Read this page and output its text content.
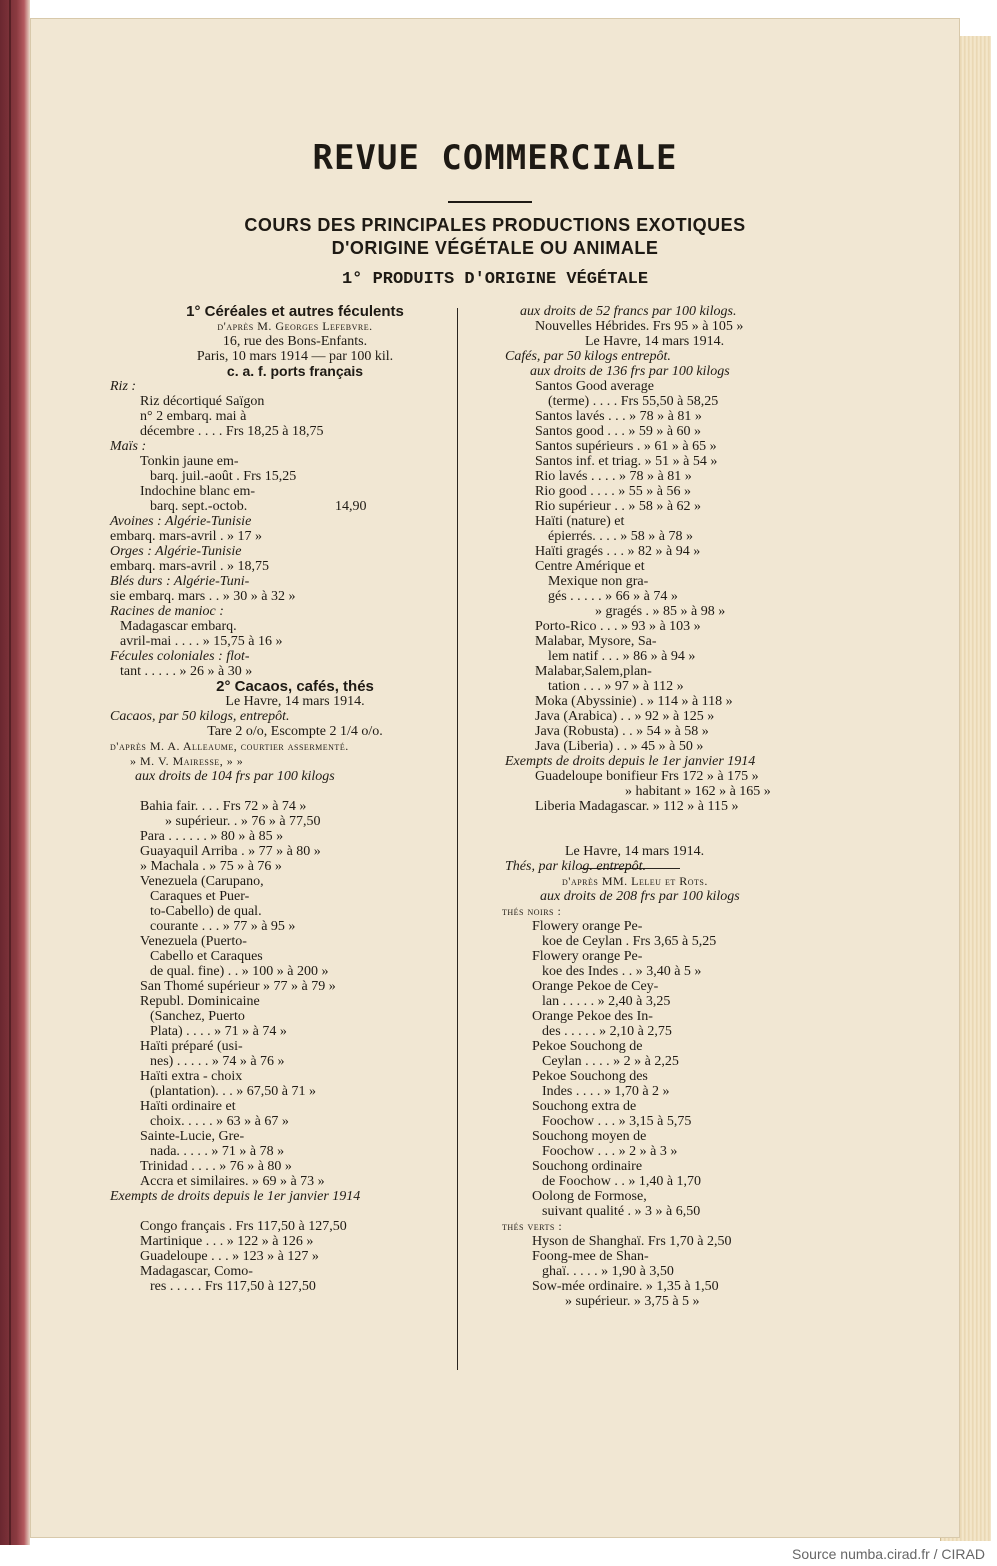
REVUE COMMERCIALE
COURS DES PRINCIPALES PRODUCTIONS EXOTIQUES
D'ORIGINE VÉGÉTALE OU ANIMALE
1° PRODUITS D'ORIGINE VÉGÉTALE
1° Céréales et autres féculents
d'après M. Georges Lefebvre.
16, rue des Bons-Enfants.
Paris, 10 mars 1914 — par 100 kil.
c. a. f. ports français
Riz :
Riz décortiqué Saïgon
n° 2 embarq. mai à
décembre . . . . Frs 18,25 à 18,75
Maïs :
Tonkin jaune em-
barq. juil.-août . Frs 15,25
Indochine blanc em-
barq. sept.-octob.	14,90
Avoines : Algérie-Tunisie
embarq. mars-avril . » 17 »
Orges : Algérie-Tunisie
embarq. mars-avril . » 18,75
Blés durs : Algérie-Tuni-
sie embarq. mars . . » 30 » à 32 »
Racines de manioc :
Madagascar embarq.
avril-mai . . . . » 15,75 à 16 »
Fécules coloniales : flot-
tant . . . . . » 26 » à 30 »
2° Cacaos, cafés, thés
Le Havre, 14 mars 1914.
Cacaos, par 50 kilogs, entrepôt.
Tare 2 o/o, Escompte 2 1/4 o/o.
d'après M. A. Alleaume, courtier assermenté.
» M. V. Mairesse, » »
aux droits de 104 frs par 100 kilogs
Bahia fair. . . . Frs 72 » à 74 »
» supérieur. . » 76 » à 77,50
Para . . . . . . » 80 » à 85 »
Guayaquil Arriba . » 77 » à 80 »
» Machala . » 75 » à 76 »
Venezuela (Carupano,
Caraques et Puer-
to-Cabello) de qual.
courante . . . » 77 » à 95 »
Venezuela (Puerto-
Cabello et Caraques
de qual. fine) . . » 100 » à 200 »
San Thomé supérieur » 77 » à 79 »
Republ. Dominicaine
(Sanchez, Puerto
Plata) . . . . » 71 » à 74 »
Haïti préparé (usi-
nes) . . . . . » 74 » à 76 »
Haïti extra - choix
(plantation). . . » 67,50 à 71 »
Haïti ordinaire et
choix. . . . . » 63 » à 67 »
Sainte-Lucie, Gre-
nada. . . . . » 71 » à 78 »
Trinidad . . . . » 76 » à 80 »
Accra et similaires. » 69 » à 73 »
Exempts de droits depuis le 1er janvier 1914
Congo français . Frs 117,50 à 127,50
Martinique . . . » 122 » à 126 »
Guadeloupe . . . » 123 » à 127 »
Madagascar, Como-
res . . . . . Frs 117,50 à 127,50
aux droits de 52 francs par 100 kilogs.
Nouvelles Hébrides. Frs 95 » à 105 »
Le Havre, 14 mars 1914.
Cafés, par 50 kilogs entrepôt.
aux droits de 136 frs par 100 kilogs
Santos Good average
(terme) . . . . Frs 55,50 à 58,25
Santos lavés . . . » 78 » à 81 »
Santos good . . . » 59 » à 60 »
Santos supérieurs . » 61 » à 65 »
Santos inf. et triag. » 51 » à 54 »
Rio lavés . . . . » 78 » à 81 »
Rio good . . . . » 55 » à 56 »
Rio supérieur . . » 58 » à 62 »
Haïti (nature) et
épierrés. . . . » 58 » à 78 »
Haïti gragés . . . » 82 » à 94 »
Centre Amérique et
Mexique non gra-
gés . . . . . » 66 » à 74 »
» gragés . » 85 » à 98 »
Porto-Rico . . . » 93 » à 103 »
Malabar, Mysore, Sa-
lem natif . . . » 86 » à 94 »
Malabar,Salem,plan-
tation . . . » 97 » à 112 »
Moka (Abyssinie) . » 114 » à 118 »
Java (Arabica) . . » 92 » à 125 »
Java (Robusta) . . » 54 » à 58 »
Java (Liberia) . . » 45 » à 50 »
Exempts de droits depuis le 1er janvier 1914
Guadeloupe bonifieur Frs 172 » à 175 »
» habitant » 162 » à 165 »
Liberia Madagascar. » 112 » à 115 »
Le Havre, 14 mars 1914.
Thés, par kilog. entrepôt.
d'après MM. Leleu et Rots.
aux droits de 208 frs par 100 kilogs
thés noirs :
Flowery orange Pe-
koe de Ceylan . Frs 3,65 à 5,25
Flowery orange Pe-
koe des Indes . . » 3,40 à 5 »
Orange Pekoe de Cey-
lan . . . . . » 2,40 à 3,25
Orange Pekoe des In-
des . . . . . » 2,10 à 2,75
Pekoe Souchong de
Ceylan . . . . » 2 » à 2,25
Pekoe Souchong des
Indes . . . . » 1,70 à 2 »
Souchong extra de
Foochow . . . » 3,15 à 5,75
Souchong moyen de
Foochow . . . » 2 » à 3 »
Souchong ordinaire
de Foochow . . » 1,40 à 1,70
Oolong de Formose,
suivant qualité . » 3 » à 6,50
thés verts :
Hyson de Shanghaï. Frs 1,70 à 2,50
Foong-mee de Shan-
ghaï. . . . . » 1,90 à 3,50
Sow-mée ordinaire. » 1,35 à 1,50
» supérieur. » 3,75 à 5 »
Source numba.cirad.fr / CIRAD
